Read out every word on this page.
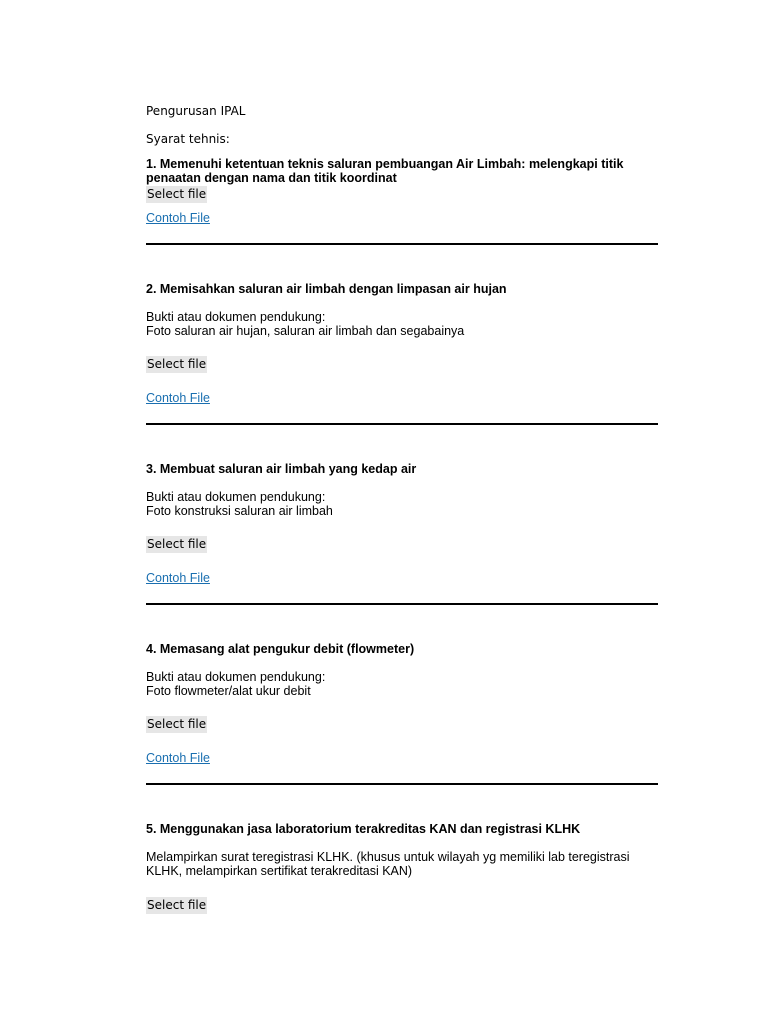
Pengurusan IPAL
Syarat tehnis:

1. Memenuhi ketentuan teknis saluran pembuangan Air Limbah: melengkapi titik penaatan dengan nama dan titik koordinat

Select file
Contoh File

2. Memisahkan saluran air limbah dengan limpasan air hujan

Bukti atau dokumen pendukung:

Foto saluran air hujan, saluran air limbah dan segabainya

Select file
Contoh File

3. Membuat saluran air limbah yang kedap air

Bukti atau dokumen pendukung:

Foto konstruksi saluran air limbah

Select file
Contoh File

4. Memasang alat pengukur debit (flowmeter)

Bukti atau dokumen pendukung:

Foto flowmeter/alat ukur debit

Select file
Contoh File

5. Menggunakan jasa laboratorium terakreditas KAN dan registrasi KLHK

Melampirkan surat teregistrasi KLHK. (khusus untuk wilayah yg memiliki lab teregistrasi

KLHK, melampirkan sertifikat terakreditasi KAN)

Select file
